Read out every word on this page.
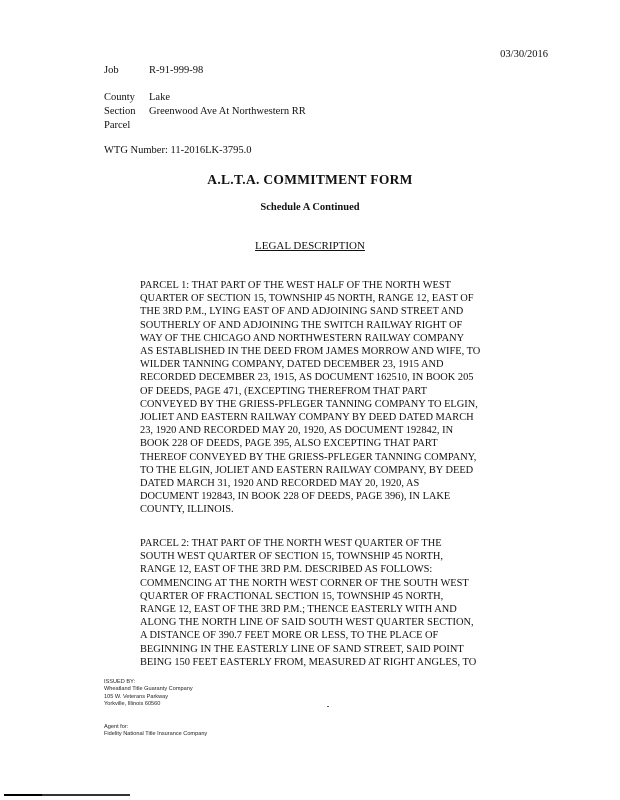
03/30/2016
Job	R-91-999-98
County	Lake
Section	Greenwood Ave At Northwestern RR
Parcel
WTG Number: 11-2016LK-3795.0
A.L.T.A. COMMITMENT FORM
Schedule A Continued
LEGAL DESCRIPTION

PARCEL 1: THAT PART OF THE WEST HALF OF THE NORTH WEST
QUARTER OF SECTION 15, TOWNSHIP 45 NORTH, RANGE 12, EAST OF
THE 3RD P.M., LYING EAST OF AND ADJOINING SAND STREET AND
SOUTHERLY OF AND ADJOINING THE SWITCH RAILWAY RIGHT OF
WAY OF THE CHICAGO AND NORTHWESTERN RAILWAY COMPANY
AS ESTABLISHED IN THE DEED FROM JAMES MORROW AND WIFE, TO
WILDER TANNING COMPANY, DATED DECEMBER 23, 1915 AND
RECORDED DECEMBER 23, 1915, AS DOCUMENT 162510, IN BOOK 205
OF DEEDS, PAGE 471, (EXCEPTING THEREFROM THAT PART
CONVEYED BY THE GRIESS-PFLEGER TANNING COMPANY TO ELGIN,
JOLIET AND EASTERN RAILWAY COMPANY BY DEED DATED MARCH
23, 1920 AND RECORDED MAY 20, 1920, AS DOCUMENT 192842, IN
BOOK 228 OF DEEDS, PAGE 395, ALSO EXCEPTING THAT PART
THEREOF CONVEYED BY THE GRIESS-PFLEGER TANNING COMPANY,
TO THE ELGIN, JOLIET AND EASTERN RAILWAY COMPANY, BY DEED
DATED MARCH 31, 1920 AND RECORDED MAY 20, 1920, AS
DOCUMENT 192843, IN BOOK 228 OF DEEDS, PAGE 396), IN LAKE
COUNTY, ILLINOIS.

PARCEL 2: THAT PART OF THE NORTH WEST QUARTER OF THE
SOUTH WEST QUARTER OF SECTION 15, TOWNSHIP 45 NORTH,
RANGE 12, EAST OF THE 3RD P.M. DESCRIBED AS FOLLOWS:
COMMENCING AT THE NORTH WEST CORNER OF THE SOUTH WEST
QUARTER OF FRACTIONAL SECTION 15, TOWNSHIP 45 NORTH,
RANGE 12, EAST OF THE 3RD P.M.; THENCE EASTERLY WITH AND
ALONG THE NORTH LINE OF SAID SOUTH WEST QUARTER SECTION,
A DISTANCE OF 390.7 FEET MORE OR LESS, TO THE PLACE OF
BEGINNING IN THE EASTERLY LINE OF SAND STREET, SAID POINT
BEING 150 FEET EASTERLY FROM, MEASURED AT RIGHT ANGLES, TO

ISSUED BY:
Wheatland Title Guaranty Company
105 W. Veterans Parkway
Yorkville, Illinois 60560
Agent for:
Fidelity National Title Insurance Company
